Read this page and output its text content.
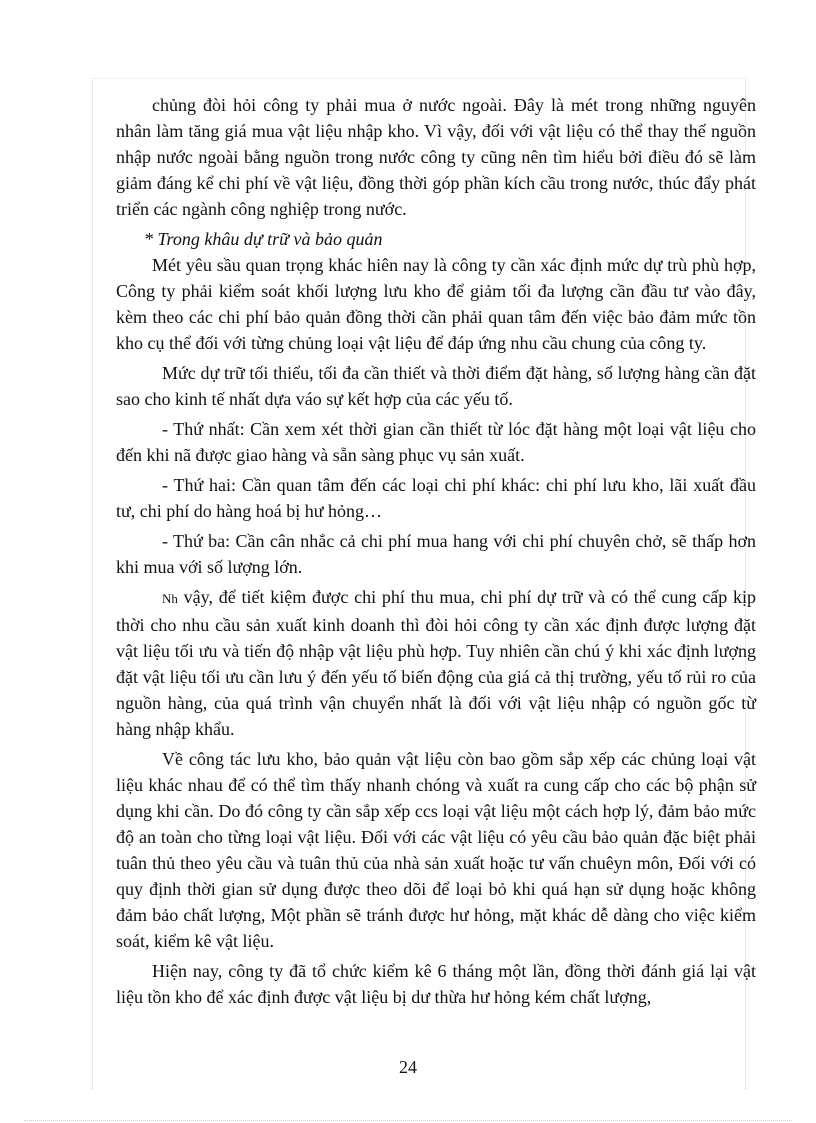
chủng đòi hỏi công ty phải mua ở nước ngoài. Đây là mét trong những nguyên nhân làm tăng giá mua vật liệu nhập kho. Vì vậy, đối với vật liệu có thể thay thế nguồn nhập nước ngoài bằng nguồn trong nước công ty cũng nên tìm hiểu bởi điều đó sẽ làm giảm đáng kể chi phí về vật liệu, đồng thời góp phần kích cầu trong nước, thúc đẩy phát triển các ngành công nghiệp trong nước.

* Trong khâu dự trữ và bảo quản

Mét yêu sầu quan trọng khác hiên nay là công ty cần xác định mức dự trù phù hợp, Công ty phải kiểm soát khối lượng lưu kho để giảm tối đa lượng cần đầu tư vào đây, kèm theo các chi phí bảo quản đồng thời cần phải quan tâm đến việc bảo đảm mức tồn kho cụ thể đối với từng chủng loại vật liệu để đáp ứng nhu cầu chung của công ty.

Mức dự trữ tối thiểu, tối đa cần thiết và thời điểm đặt hàng, số lượng hàng cần đặt sao cho kinh tế nhất dựa váo sự kết hợp của các yếu tố.

- Thứ nhất: Cần xem xét thời gian cần thiết từ lóc đặt hàng một loại vật liệu cho đến khi nã được giao hàng và sẵn sàng phục vụ sản xuất.

- Thứ hai: Cần quan tâm đến các loại chi phí khác: chi phí lưu kho, lãi xuất đầu tư, chi phí do hàng hoá bị hư hỏng…

- Thứ ba: Cần cân nhắc cả chi phí mua hang với chi phí chuyên chở, sẽ thấp hơn khi mua với số lượng lớn.

Nh vậy, để tiết kiệm được chi phí thu mua, chi phí dự trữ và có thể cung cấp kịp thời cho nhu cầu sản xuất kinh doanh thì đòi hỏi công ty cần xác định được lượng đặt vật liệu tối ưu và tiến độ nhập vật liệu phù hợp. Tuy nhiên cần chú ý khi xác định lượng đặt vật liệu tối ưu cần lưu ý đến yếu tố biến động của giá cả thị trường, yếu tố rủi ro của nguồn hàng, của quá trình vận chuyển nhất là đối với vật liệu nhập có nguồn gốc từ hàng nhập khẩu.

Về công tác lưu kho, bảo quản vật liệu còn bao gồm sắp xếp các chủng loại vật liệu khác nhau để có thể tìm thấy nhanh chóng và xuất ra cung cấp cho các bộ phận sử dụng khi cần. Do đó công ty cần sắp xếp ccs loại vật liệu một cách hợp lý, đảm bảo mức độ an toàn cho từng loại vật liệu. Đối với các vật liệu có yêu cầu bảo quản đặc biệt phải tuân thủ theo yêu cầu và tuân thủ của nhà sản xuất hoặc tư vấn chuêyn môn, Đối với có quy định thời gian sử dụng được theo dõi để loại bỏ khi quá hạn sử dụng hoặc không đảm bảo chất lượng, Một phần sẽ tránh được hư hỏng, mặt khác dễ dàng cho việc kiểm soát, kiểm kê vật liệu.

Hiện nay, công ty đã tổ chức kiểm kê 6 tháng một lần, đồng thời đánh giá lại vật liệu tồn kho để xác định được vật liệu bị dư thừa hư hỏng kém chất lượng,

24
